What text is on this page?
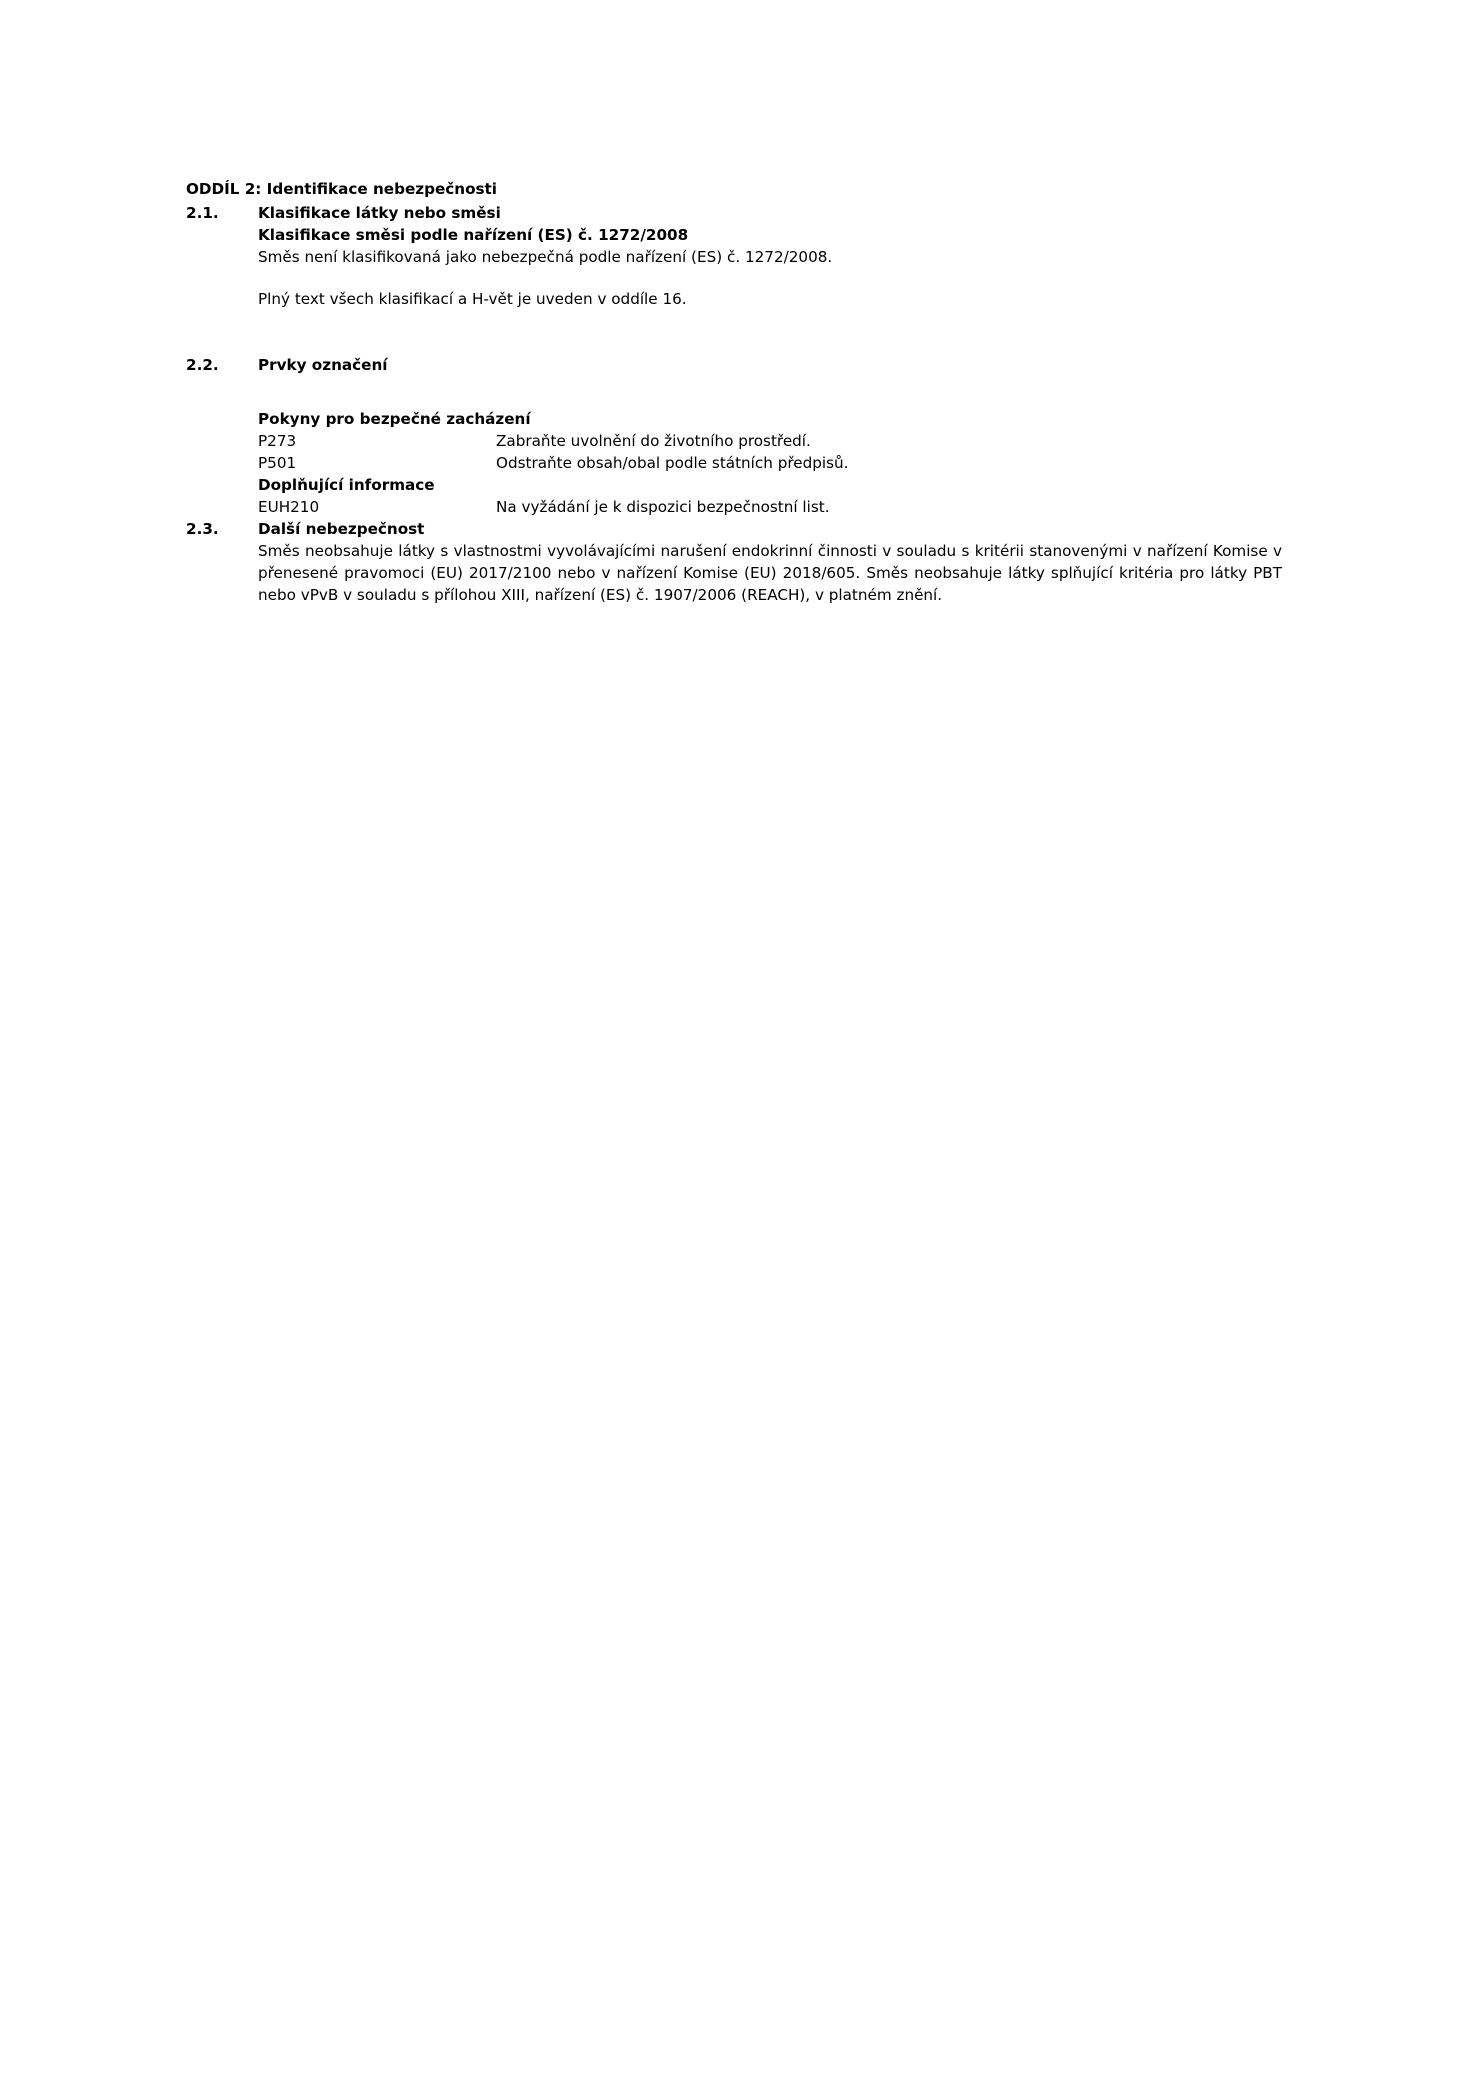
ODDÍL 2: Identifikace nebezpečnosti
2.1.	Klasifikace látky nebo směsi
Klasifikace směsi podle nařízení (ES) č. 1272/2008
Směs není klasifikovaná jako nebezpečná podle nařízení (ES) č. 1272/2008.
Plný text všech klasifikací a H-vět je uveden v oddíle 16.
2.2.	Prvky označení
Pokyny pro bezpečné zacházení
P273	Zabraňte uvolnění do životního prostředí.
P501	Odstraňte obsah/obal podle státních předpisů.
Doplňující informace
EUH210	Na vyžádání je k dispozici bezpečnostní list.
2.3.	Další nebezpečnost
Směs neobsahuje látky s vlastnostmi vyvolávajícími narušení endokrinní činnosti v souladu s kritérii stanovenými v nařízení Komise v přenesené pravomoci (EU) 2017/2100 nebo v nařízení Komise (EU) 2018/605. Směs neobsahuje látky splňující kritéria pro látky PBT nebo vPvB v souladu s přílohou XIII, nařízení (ES) č. 1907/2006 (REACH), v platném znění.
